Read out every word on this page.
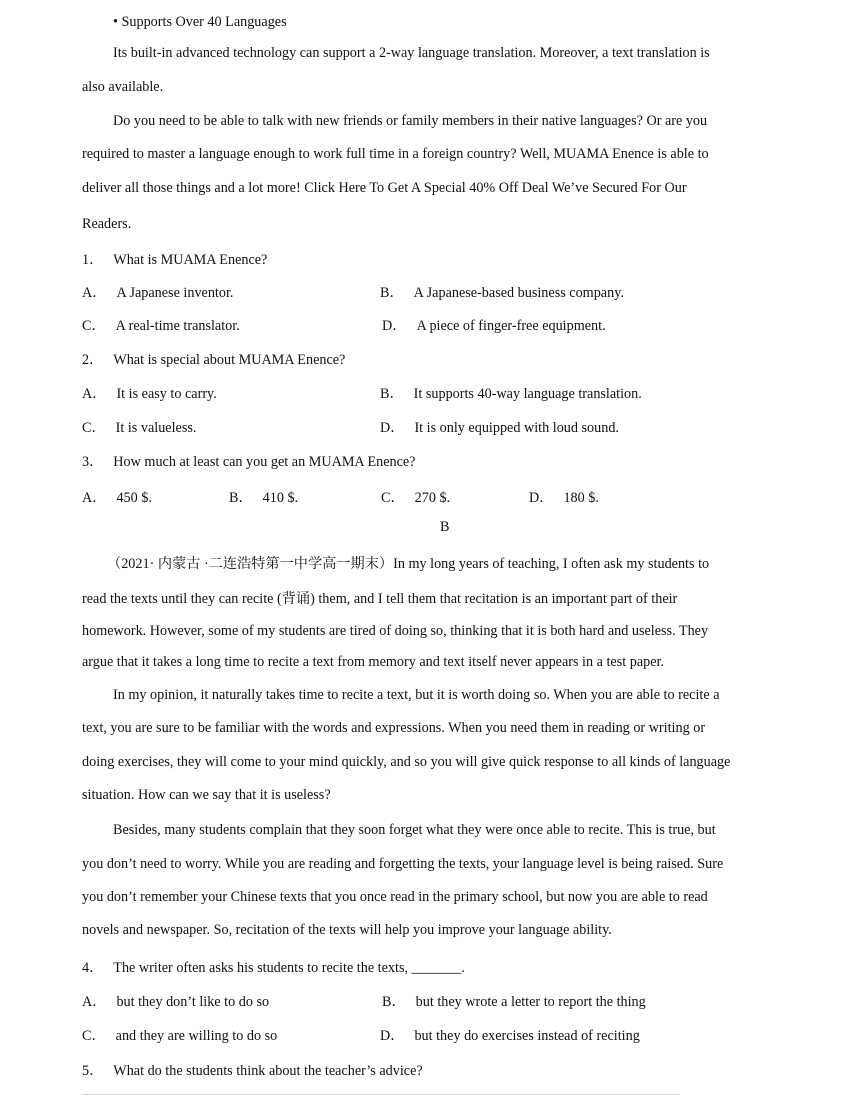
• Supports Over 40 Languages
Its built-in advanced technology can support a 2-way language translation. Moreover, a text translation is
also available.
Do you need to be able to talk with new friends or family members in their native languages? Or are you
required to master a language enough to work full time in a foreign country? Well, MUAMA Enence is able to
deliver all those things and a lot more! Click Here To Get A Special 40% Off Deal We’ve Secured For Our
Readers.
1． What is MUAMA Enence?
A． A Japanese inventor.	B． A Japanese-based business company.
C． A real-time translator.	D． A piece of finger-free equipment.
2． What is special about MUAMA Enence?
A． It is easy to carry.	B． It supports 40-way language translation.
C． It is valueless.	D． It is only equipped with loud sound.
3． How much at least can you get an MUAMA Enence?
A． 450 $.	B． 410 $.	C． 270 $.	D． 180 $.
B
（2021· 内蒙古 ·二连浩特第一中学高一期末）In my long years of teaching, I often ask my students to
read the texts until they can recite (背诵) them, and I tell them that recitation is an important part of their
homework. However, some of my students are tired of doing so, thinking that it is both hard and useless. They
argue that it takes a long time to recite a text from memory and text itself never appears in a test paper.
In my opinion, it naturally takes time to recite a text, but it is worth doing so. When you are able to recite a
text, you are sure to be familiar with the words and expressions. When you need them in reading or writing or
doing exercises, they will come to your mind quickly, and so you will give quick response to all kinds of language
situation. How can we say that it is useless?
Besides, many students complain that they soon forget what they were once able to recite. This is true, but
you don’t need to worry. While you are reading and forgetting the texts, your language level is being raised. Sure
you don’t remember your Chinese texts that you once read in the primary school, but now you are able to read
novels and newspaper. So, recitation of the texts will help you improve your language ability.
4． The writer often asks his students to recite the texts, _______.
A． but they don’t like to do so	B． but they wrote a letter to report the thing
C． and they are willing to do so	D． but they do exercises instead of reciting
5． What do the students think about the teacher’s advice?
